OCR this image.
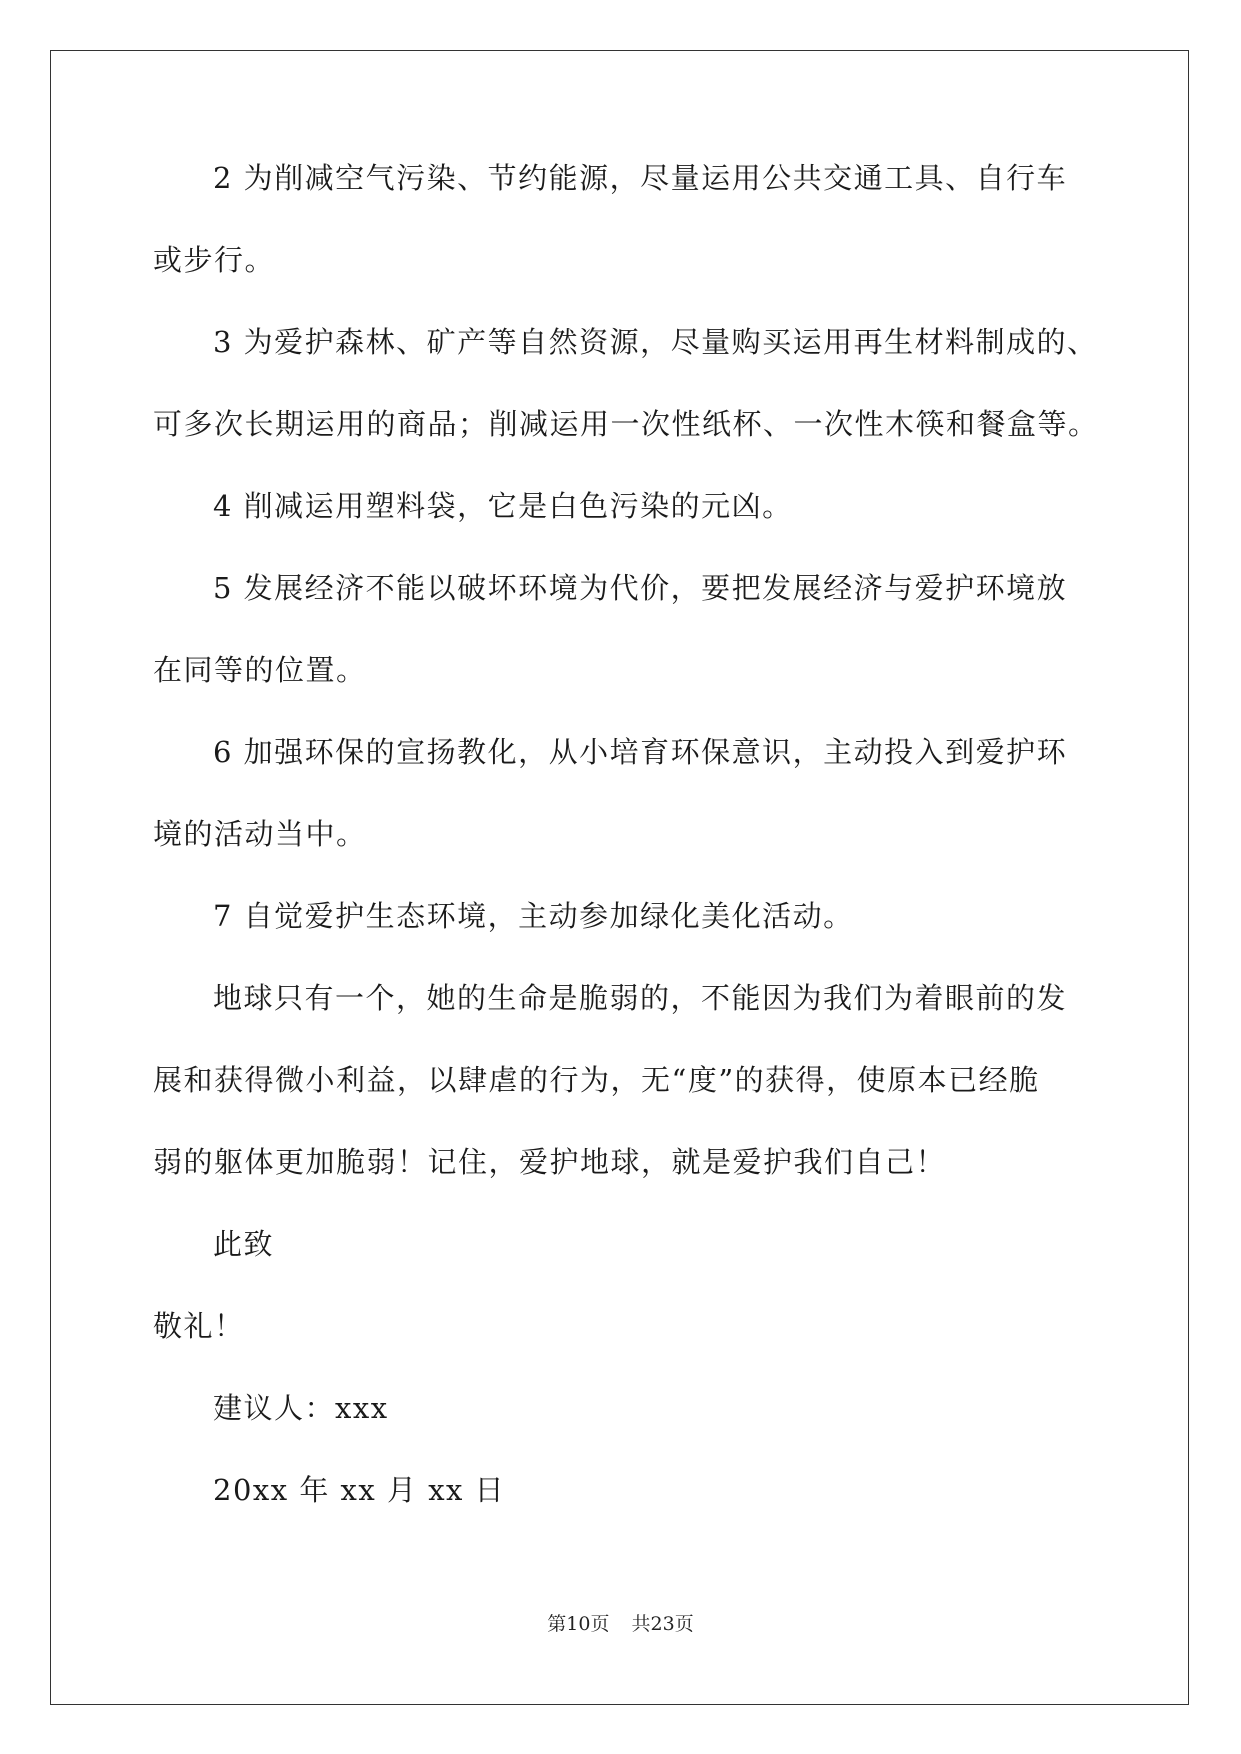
2 为削减空气污染、节约能源，尽量运用公共交通工具、自行车
或步行。
3 为爱护森林、矿产等自然资源，尽量购买运用再生材料制成的、
可多次长期运用的商品；削减运用一次性纸杯、一次性木筷和餐盒等。
4 削减运用塑料袋，它是白色污染的元凶。
5 发展经济不能以破坏环境为代价，要把发展经济与爱护环境放
在同等的位置。
6 加强环保的宣扬教化，从小培育环保意识，主动投入到爱护环
境的活动当中。
7 自觉爱护生态环境，主动参加绿化美化活动。
地球只有一个，她的生命是脆弱的，不能因为我们为着眼前的发
展和获得微小利益，以肆虐的行为，无“度”的获得，使原本已经脆
弱的躯体更加脆弱！记住，爱护地球，就是爱护我们自己！
此致
敬礼！
建议人：xxx
20xx 年 xx 月 xx 日
第10页 共23页
